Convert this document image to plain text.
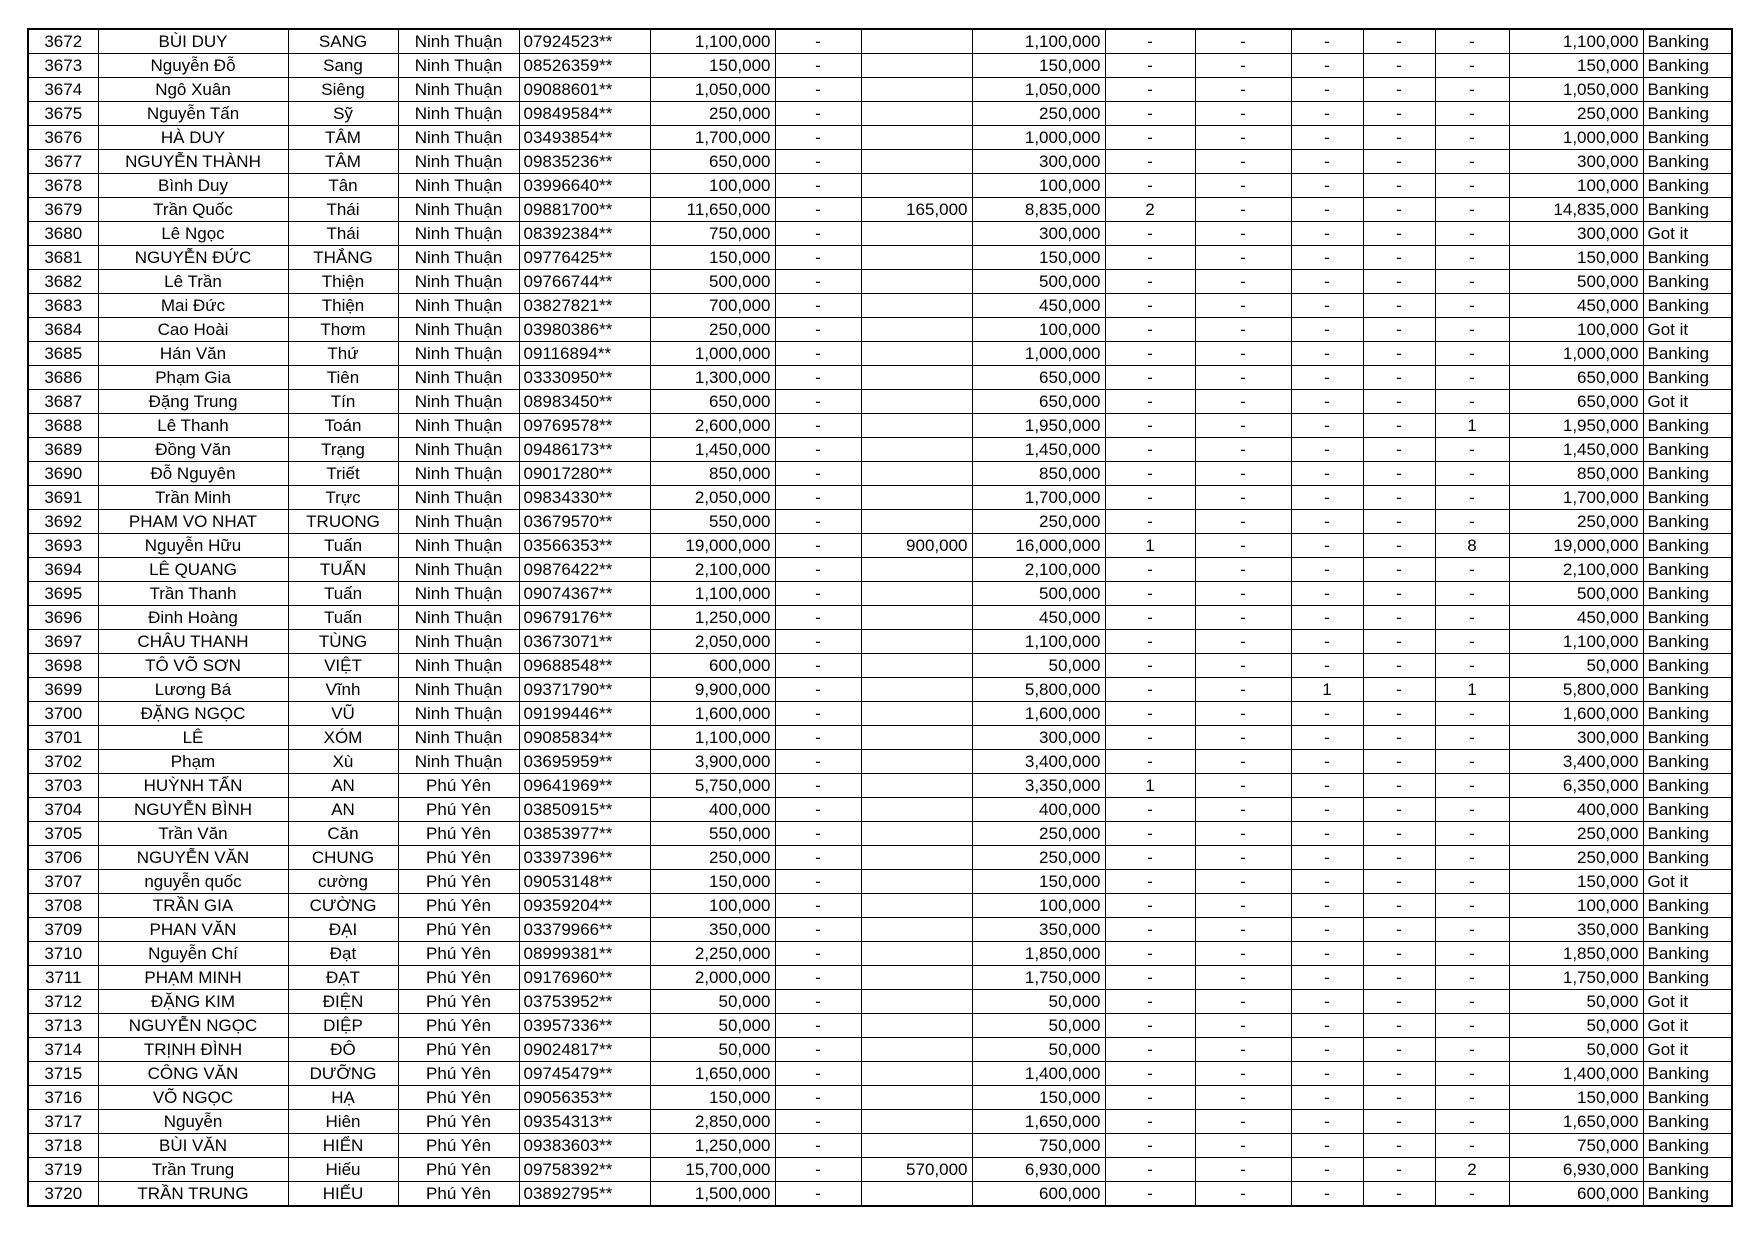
3672	BÙI DUY	SANG	Ninh Thuận	07924523**	1,100,000	-		1,100,000	-	-	-	-	-	1,100,000	Banking
3673	Nguyễn Đỗ	Sang	Ninh Thuận	08526359**	150,000	-		150,000	-	-	-	-	-	150,000	Banking
3674	Ngô Xuân	Siêng	Ninh Thuận	09088601**	1,050,000	-		1,050,000	-	-	-	-	-	1,050,000	Banking
3675	Nguyễn Tấn	Sỹ	Ninh Thuận	09849584**	250,000	-		250,000	-	-	-	-	-	250,000	Banking
3676	HÀ DUY	TÂM	Ninh Thuận	03493854**	1,700,000	-		1,000,000	-	-	-	-	-	1,000,000	Banking
3677	NGUYỄN THÀNH	TÂM	Ninh Thuận	09835236**	650,000	-		300,000	-	-	-	-	-	300,000	Banking
3678	Bình Duy	Tân	Ninh Thuận	03996640**	100,000	-		100,000	-	-	-	-	-	100,000	Banking
3679	Trần Quốc	Thái	Ninh Thuận	09881700**	11,650,000	-	165,000	8,835,000	2	-	-	-	-	14,835,000	Banking
3680	Lê Ngọc	Thái	Ninh Thuận	08392384**	750,000	-		300,000	-	-	-	-	-	300,000	Got it
3681	NGUYỄN ĐỨC	THẮNG	Ninh Thuận	09776425**	150,000	-		150,000	-	-	-	-	-	150,000	Banking
3682	Lê Trần	Thiện	Ninh Thuận	09766744**	500,000	-		500,000	-	-	-	-	-	500,000	Banking
3683	Mai Đức	Thiện	Ninh Thuận	03827821**	700,000	-		450,000	-	-	-	-	-	450,000	Banking
3684	Cao Hoài	Thơm	Ninh Thuận	03980386**	250,000	-		100,000	-	-	-	-	-	100,000	Got it
3685	Hán Văn	Thứ	Ninh Thuận	09116894**	1,000,000	-		1,000,000	-	-	-	-	-	1,000,000	Banking
3686	Phạm Gia	Tiên	Ninh Thuận	03330950**	1,300,000	-		650,000	-	-	-	-	-	650,000	Banking
3687	Đặng Trung	Tín	Ninh Thuận	08983450**	650,000	-		650,000	-	-	-	-	-	650,000	Got it
3688	Lê Thanh	Toán	Ninh Thuận	09769578**	2,600,000	-		1,950,000	-	-	-	-	1	1,950,000	Banking
3689	Đồng Văn	Trạng	Ninh Thuận	09486173**	1,450,000	-		1,450,000	-	-	-	-	-	1,450,000	Banking
3690	Đỗ Nguyên	Triết	Ninh Thuận	09017280**	850,000	-		850,000	-	-	-	-	-	850,000	Banking
3691	Trần Minh	Trực	Ninh Thuận	09834330**	2,050,000	-		1,700,000	-	-	-	-	-	1,700,000	Banking
3692	PHAM VO NHAT	TRUONG	Ninh Thuận	03679570**	550,000	-		250,000	-	-	-	-	-	250,000	Banking
3693	Nguyễn Hữu	Tuấn	Ninh Thuận	03566353**	19,000,000	-	900,000	16,000,000	1	-	-	-	8	19,000,000	Banking
3694	LÊ QUANG	TUẤN	Ninh Thuận	09876422**	2,100,000	-		2,100,000	-	-	-	-	-	2,100,000	Banking
3695	Trần Thanh	Tuấn	Ninh Thuận	09074367**	1,100,000	-		500,000	-	-	-	-	-	500,000	Banking
3696	Đinh Hoàng	Tuấn	Ninh Thuận	09679176**	1,250,000	-		450,000	-	-	-	-	-	450,000	Banking
3697	CHÂU THANH	TÙNG	Ninh Thuận	03673071**	2,050,000	-		1,100,000	-	-	-	-	-	1,100,000	Banking
3698	TÔ VÕ SƠN	VIỆT	Ninh Thuận	09688548**	600,000	-		50,000	-	-	-	-	-	50,000	Banking
3699	Lương Bá	Vĩnh	Ninh Thuận	09371790**	9,900,000	-		5,800,000	-	-	1	-	1	5,800,000	Banking
3700	ĐẶNG NGỌC	VŨ	Ninh Thuận	09199446**	1,600,000	-		1,600,000	-	-	-	-	-	1,600,000	Banking
3701	LÊ	XÓM	Ninh Thuận	09085834**	1,100,000	-		300,000	-	-	-	-	-	300,000	Banking
3702	Phạm	Xù	Ninh Thuận	03695959**	3,900,000	-		3,400,000	-	-	-	-	-	3,400,000	Banking
3703	HUỲNH TẤN	AN	Phú Yên	09641969**	5,750,000	-		3,350,000	1	-	-	-	-	6,350,000	Banking
3704	NGUYỄN BÌNH	AN	Phú Yên	03850915**	400,000	-		400,000	-	-	-	-	-	400,000	Banking
3705	Trần Văn	Căn	Phú Yên	03853977**	550,000	-		250,000	-	-	-	-	-	250,000	Banking
3706	NGUYỄN VĂN	CHUNG	Phú Yên	03397396**	250,000	-		250,000	-	-	-	-	-	250,000	Banking
3707	nguyễn quốc	cường	Phú Yên	09053148**	150,000	-		150,000	-	-	-	-	-	150,000	Got it
3708	TRẦN GIA	CƯỜNG	Phú Yên	09359204**	100,000	-		100,000	-	-	-	-	-	100,000	Banking
3709	PHAN VĂN	ĐẠI	Phú Yên	03379966**	350,000	-		350,000	-	-	-	-	-	350,000	Banking
3710	Nguyễn Chí	Đạt	Phú Yên	08999381**	2,250,000	-		1,850,000	-	-	-	-	-	1,850,000	Banking
3711	PHẠM MINH	ĐẠT	Phú Yên	09176960**	2,000,000	-		1,750,000	-	-	-	-	-	1,750,000	Banking
3712	ĐẶNG KIM	ĐIỆN	Phú Yên	03753952**	50,000	-		50,000	-	-	-	-	-	50,000	Got it
3713	NGUYỄN NGỌC	DIỆP	Phú Yên	03957336**	50,000	-		50,000	-	-	-	-	-	50,000	Got it
3714	TRỊNH ĐÌNH	ĐÔ	Phú Yên	09024817**	50,000	-		50,000	-	-	-	-	-	50,000	Got it
3715	CÔNG VĂN	DƯỠNG	Phú Yên	09745479**	1,650,000	-		1,400,000	-	-	-	-	-	1,400,000	Banking
3716	VÕ NGỌC	HẠ	Phú Yên	09056353**	150,000	-		150,000	-	-	-	-	-	150,000	Banking
3717	Nguyễn	Hiên	Phú Yên	09354313**	2,850,000	-		1,650,000	-	-	-	-	-	1,650,000	Banking
3718	BÙI VĂN	HIỂN	Phú Yên	09383603**	1,250,000	-		750,000	-	-	-	-	-	750,000	Banking
3719	Trần Trung	Hiếu	Phú Yên	09758392**	15,700,000	-	570,000	6,930,000	-	-	-	-	2	6,930,000	Banking
3720	TRẦN TRUNG	HIẾU	Phú Yên	03892795**	1,500,000	-		600,000	-	-	-	-	-	600,000	Banking
